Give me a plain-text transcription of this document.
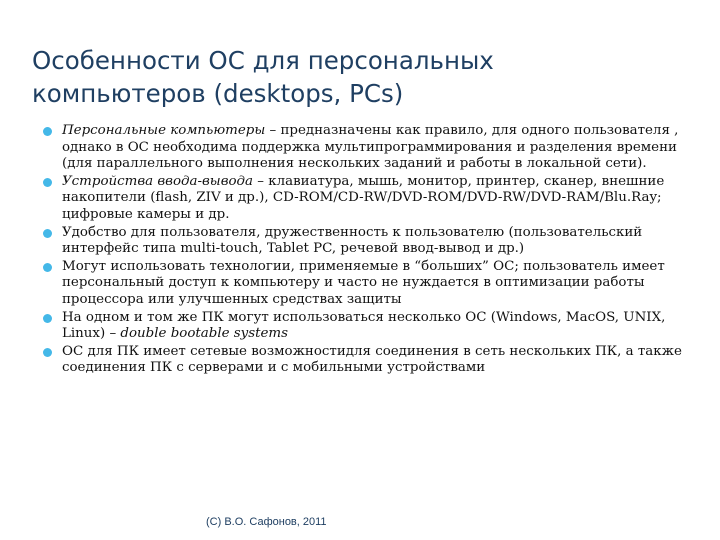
Особенности ОС для персональных
компьютеров (desktops, PCs)
Персональные компьютеры – предназначены как правило, для одного пользователя , однако в ОС необходима поддержка мультипрограммирования и разделения времени (для параллельного выполнения нескольких заданий и работы в локальной сети).
Устройства ввода-вывода – клавиатура, мышь, монитор, принтер, сканер, внешние накопители (flash, ZIV и др.), CD-ROM/CD-RW/DVD-ROM/DVD-RW/DVD-RAM/Blu.Ray; цифровые камеры и др.
Удобство для пользователя, дружественность к пользователю (пользовательский интерфейс типа multi-touch, Tablet PC, речевой ввод-вывод и др.)
Могут использовать технологии, применяемые в “больших” ОС; пользователь имеет персональный доступ к компьютеру и часто не нуждается в оптимизации работы процессора или улучшенных средствах защиты
На одном и том же ПК могут использоваться несколько ОС (Windows, MacOS, UNIX, Linux) – double bootable systems
ОС для ПК имеет сетевые возможностидля соединения в сеть нескольких ПК, а также соединения ПК с серверами и с мобильными устройствами
(C) В.О. Сафонов, 2011
